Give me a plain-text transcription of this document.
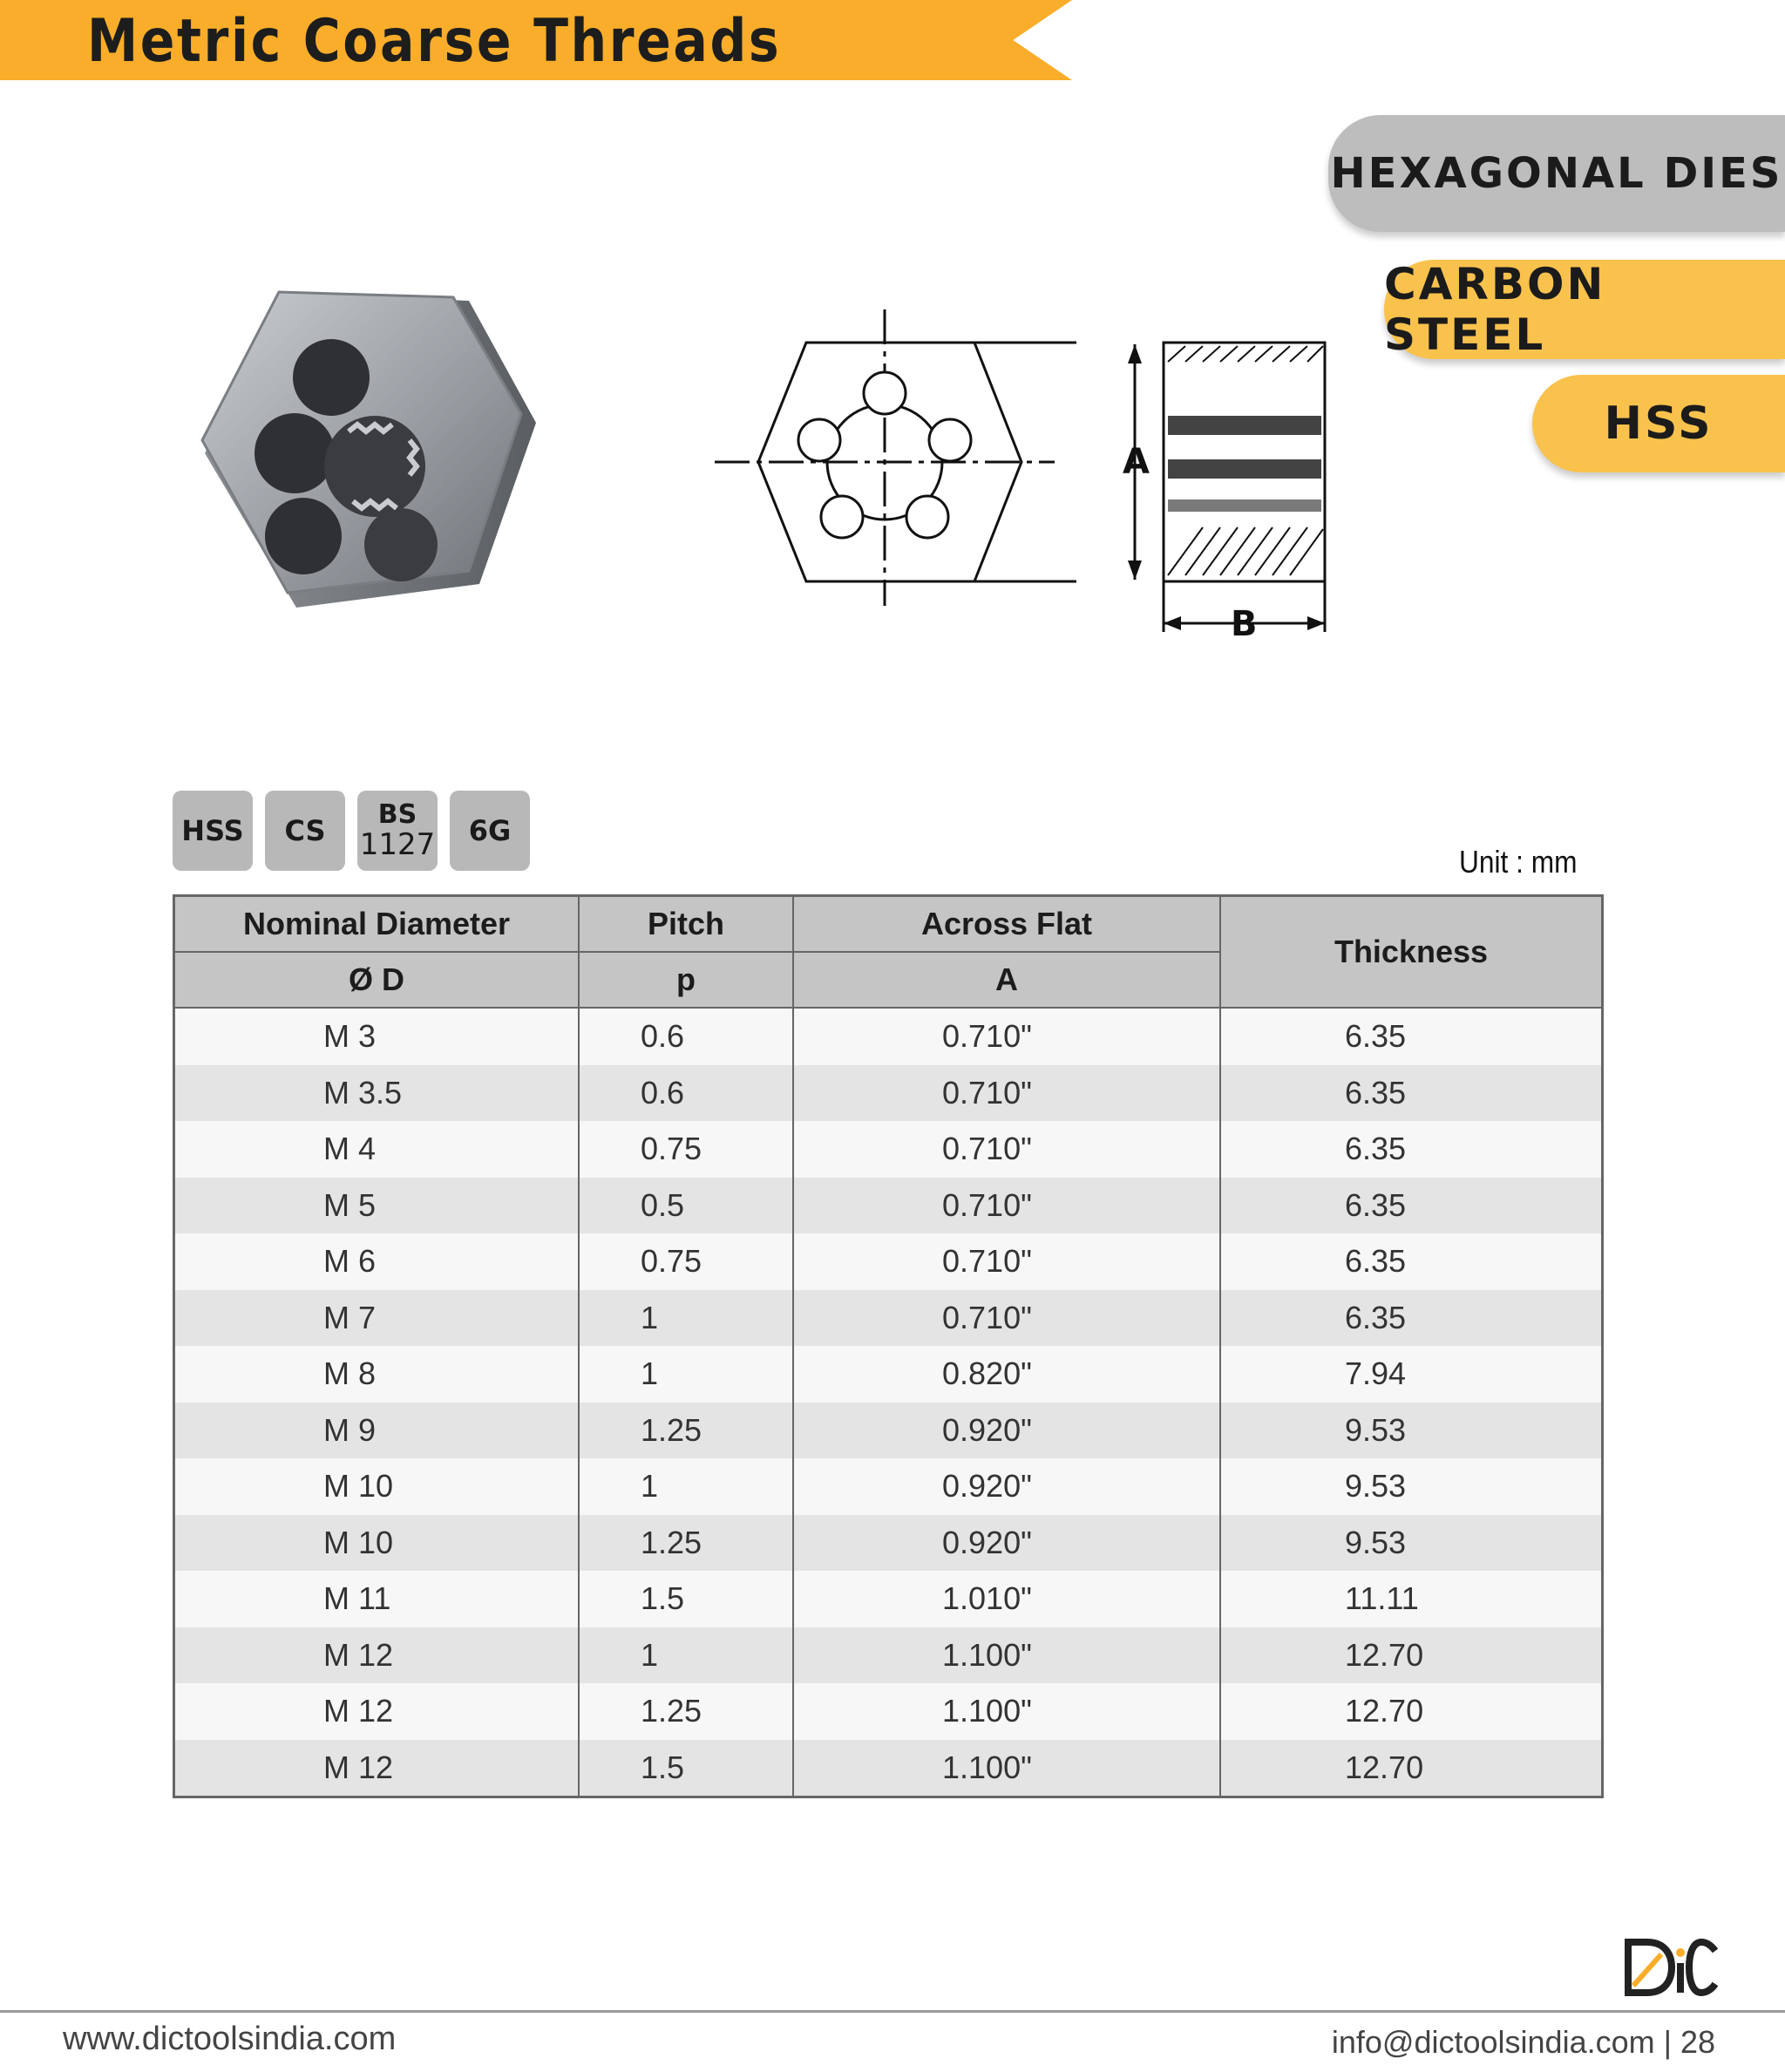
Metric Coarse Threads
HEXAGONAL DIES
CARBON STEEL
HSS
A
B
HSS CS BS
1127 6G
Unit : mm
Nominal Diameter	Pitch	Across Flat	Thickness
Ø D	p	A	
M 3	0.6	0.710"	6.35
M 3.5	0.6	0.710"	6.35
M 4	0.75	0.710"	6.35
M 5	0.5	0.710"	6.35
M 6	0.75	0.710"	6.35
M 7	1	0.710"	6.35
M 8	1	0.820"	7.94
M 9	1.25	0.920"	9.53
M 10	1	0.920"	9.53
M 10	1.25	0.920"	9.53
M 11	1.5	1.010"	11.11
M 12	1	1.100"	12.70
M 12	1.25	1.100"	12.70
M 12	1.5	1.100"	12.70
www.dictoolsindia.com	info@dictoolsindia.com | 28
